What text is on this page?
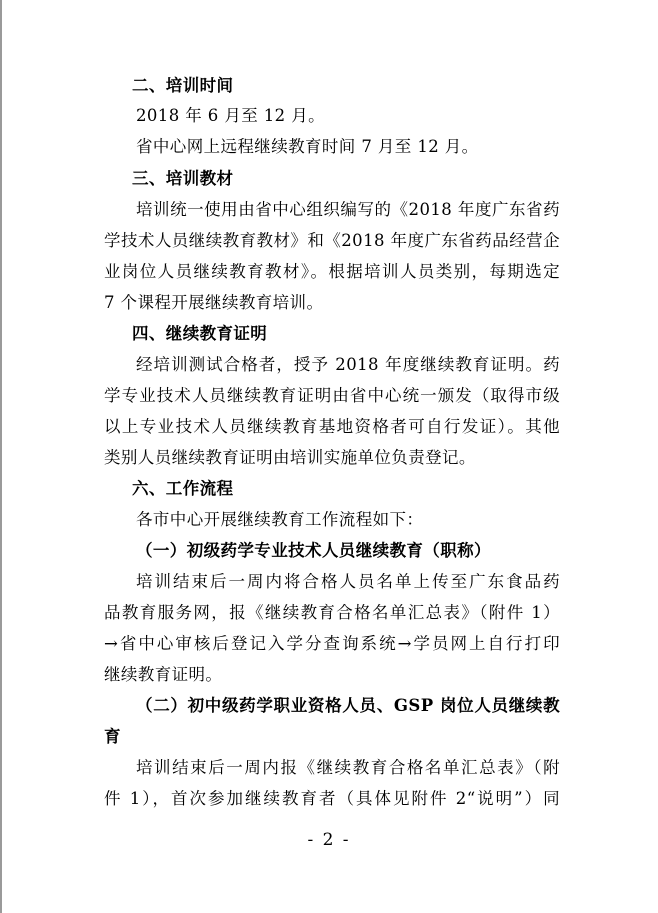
二、培训时间
2018 年 6 月至 12 月。
省中心网上远程继续教育时间 7 月至 12 月。
三、培训教材
培训统一使用由省中心组织编写的《2018 年度广东省药
学技术人员继续教育教材》和《2018 年度广东省药品经营企
业岗位人员继续教育教材》。根据培训人员类别，每期选定
7 个课程开展继续教育培训。
四、继续教育证明
经培训测试合格者，授予 2018 年度继续教育证明。药
学专业技术人员继续教育证明由省中心统一颁发（取得市级
以上专业技术人员继续教育基地资格者可自行发证）。其他
类别人员继续教育证明由培训实施单位负责登记。
六、工作流程
各市中心开展继续教育工作流程如下：
（一）初级药学专业技术人员继续教育（职称）
培训结束后一周内将合格人员名单上传至广东食品药
品教育服务网，报《继续教育合格名单汇总表》（附件 1）
→省中心审核后登记入学分查询系统→学员网上自行打印
继续教育证明。
（二）初中级药学职业资格人员、GSP 岗位人员继续教
育
培训结束后一周内报《继续教育合格名单汇总表》（附
件 1），首次参加继续教育者（具体见附件 2“说明”）同
- 2 -
